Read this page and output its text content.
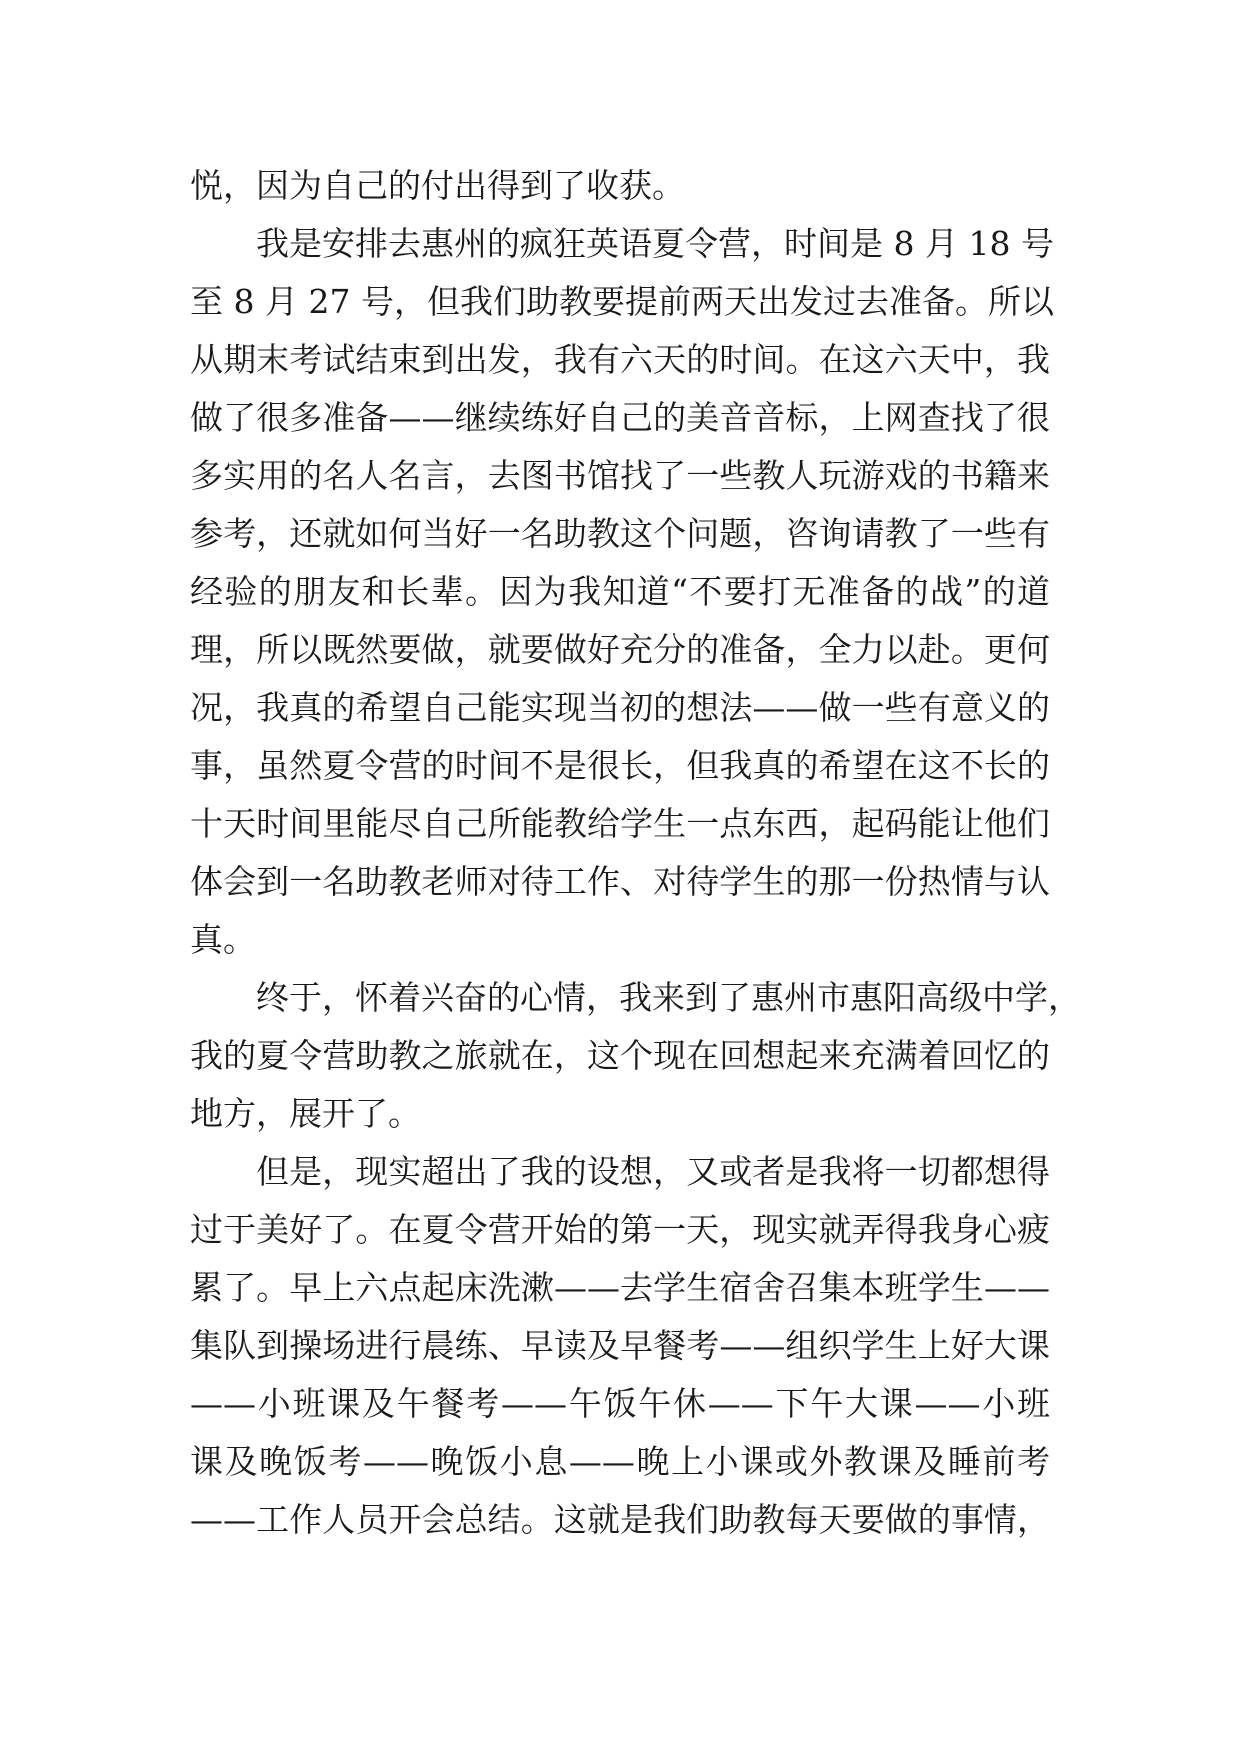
悦，因为自己的付出得到了收获。
我是安排去惠州的疯狂英语夏令营，时间是 8 月 18 号
至 8 月 27 号，但我们助教要提前两天出发过去准备。所以
从期末考试结束到出发，我有六天的时间。在这六天中，我
做了很多准备——继续练好自己的美音音标，上网查找了很
多实用的名人名言，去图书馆找了一些教人玩游戏的书籍来
参考，还就如何当好一名助教这个问题，咨询请教了一些有
经验的朋友和长辈。因为我知道“不要打无准备的战”的道
理，所以既然要做，就要做好充分的准备，全力以赴。更何
况，我真的希望自己能实现当初的想法——做一些有意义的
事，虽然夏令营的时间不是很长，但我真的希望在这不长的
十天时间里能尽自己所能教给学生一点东西，起码能让他们
体会到一名助教老师对待工作、对待学生的那一份热情与认
真。
终于，怀着兴奋的心情，我来到了惠州市惠阳高级中学，
我的夏令营助教之旅就在，这个现在回想起来充满着回忆的
地方，展开了。
但是，现实超出了我的设想，又或者是我将一切都想得
过于美好了。在夏令营开始的第一天，现实就弄得我身心疲
累了。早上六点起床洗漱——去学生宿舍召集本班学生——
集队到操场进行晨练、早读及早餐考——组织学生上好大课
——小班课及午餐考——午饭午休——下午大课——小班
课及晚饭考——晚饭小息——晚上小课或外教课及睡前考
——工作人员开会总结。这就是我们助教每天要做的事情，
